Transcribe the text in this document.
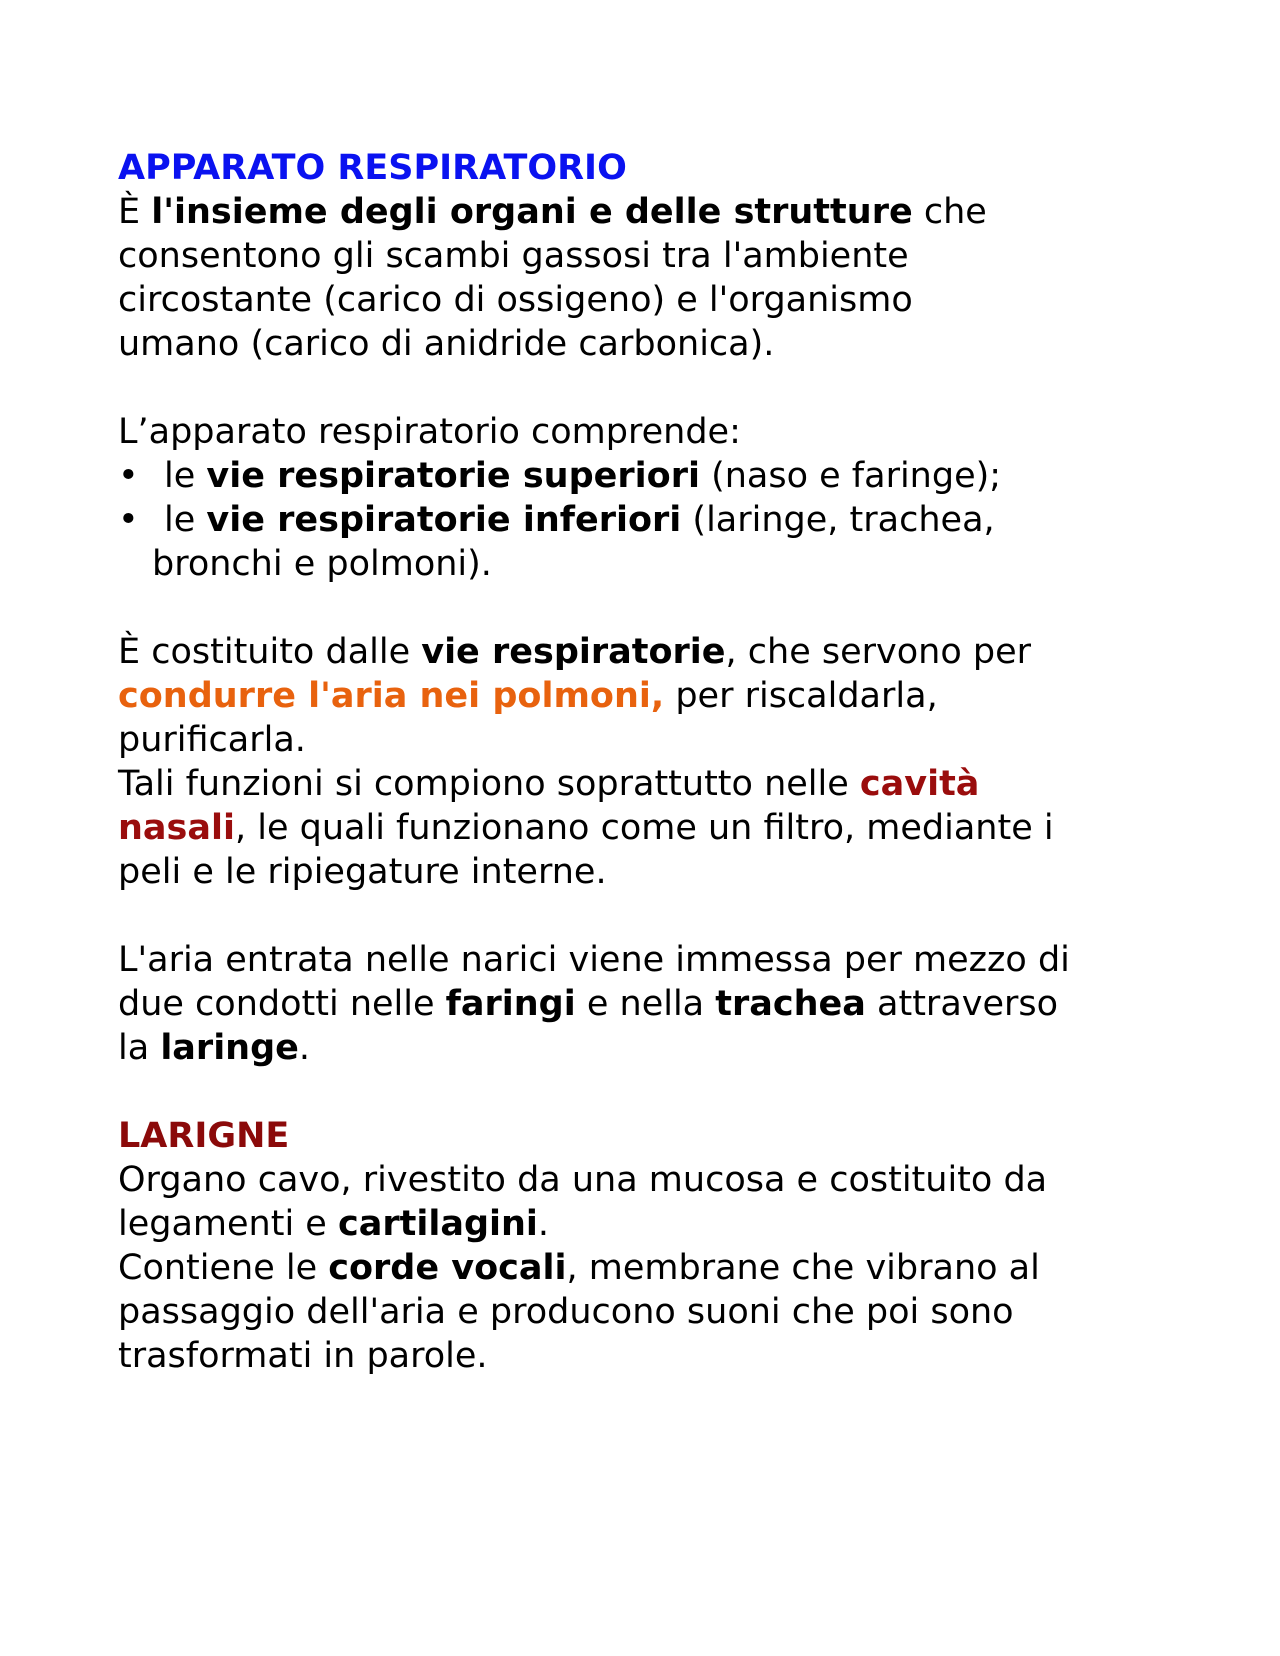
APPARATO RESPIRATORIO
È l'insieme degli organi e delle strutture che
consentono gli scambi gassosi tra l'ambiente
circostante (carico di ossigeno) e l'organismo
umano (carico di anidride carbonica).
L’apparato respiratorio comprende:
• le vie respiratorie superiori (naso e faringe);
• le vie respiratorie inferiori (laringe, trachea,
bronchi e polmoni).
È costituito dalle vie respiratorie, che servono per
condurre l'aria nei polmoni, per riscaldarla,
purificarla.
Tali funzioni si compiono soprattutto nelle cavità
nasali, le quali funzionano come un filtro, mediante i
peli e le ripiegature interne.
L'aria entrata nelle narici viene immessa per mezzo di
due condotti nelle faringi e nella trachea attraverso
la laringe.
LARIGNE
Organo cavo, rivestito da una mucosa e costituito da
legamenti e cartilagini.
Contiene le corde vocali, membrane che vibrano al
passaggio dell'aria e producono suoni che poi sono
trasformati in parole.
